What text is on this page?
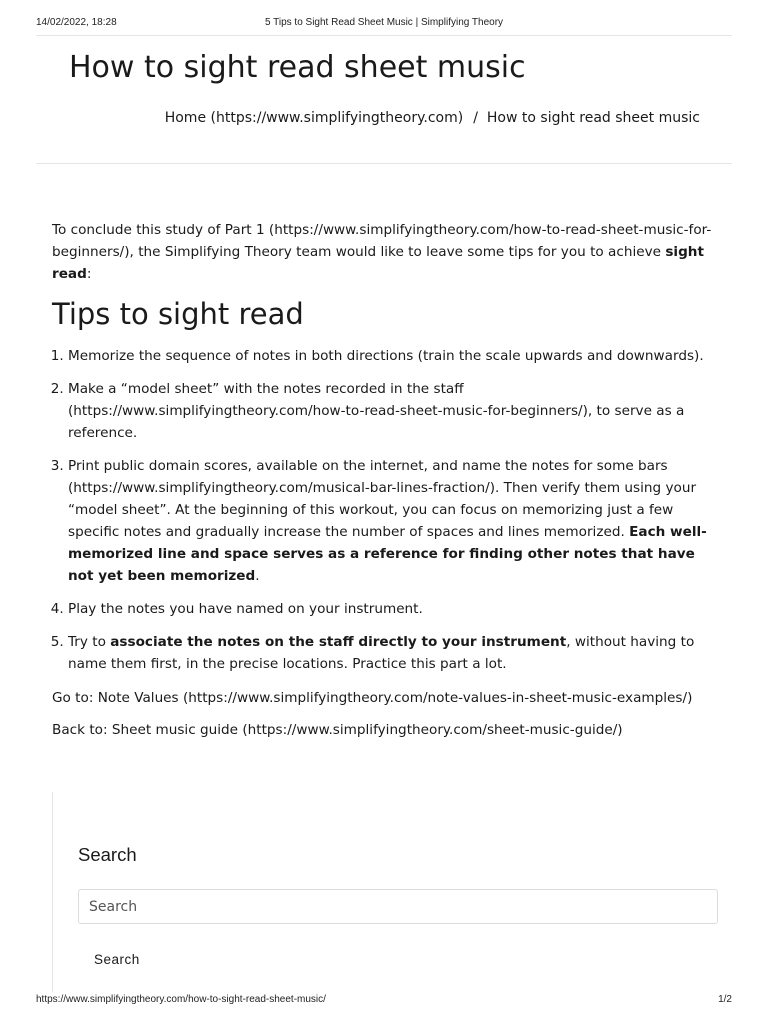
14/02/2022, 18:28	5 Tips to Sight Read Sheet Music | Simplifying Theory
How to sight read sheet music
Home (https://www.simplifyingtheory.com) / How to sight read sheet music

To conclude this study of Part 1 (https://www.simplifyingtheory.com/how-to-read-sheet-music-for-beginners/), the Simplifying Theory team would like to leave some tips for you to achieve sight read:

Tips to sight read
1. Memorize the sequence of notes in both directions (train the scale upwards and downwards).
2. Make a “model sheet” with the notes recorded in the staff (https://www.simplifyingtheory.com/how-to-read-sheet-music-for-beginners/), to serve as a reference.
3. Print public domain scores, available on the internet, and name the notes for some bars (https://www.simplifyingtheory.com/musical-bar-lines-fraction/). Then verify them using your “model sheet”. At the beginning of this workout, you can focus on memorizing just a few specific notes and gradually increase the number of spaces and lines memorized. Each well-memorized line and space serves as a reference for finding other notes that have not yet been memorized.
4. Play the notes you have named on your instrument.
5. Try to associate the notes on the staff directly to your instrument, without having to name them first, in the precise locations. Practice this part a lot.

Go to: Note Values (https://www.simplifyingtheory.com/note-values-in-sheet-music-examples/)

Back to: Sheet music guide (https://www.simplifyingtheory.com/sheet-music-guide/)

Search
Search
Search
https://www.simplifyingtheory.com/how-to-sight-read-sheet-music/	1/2
